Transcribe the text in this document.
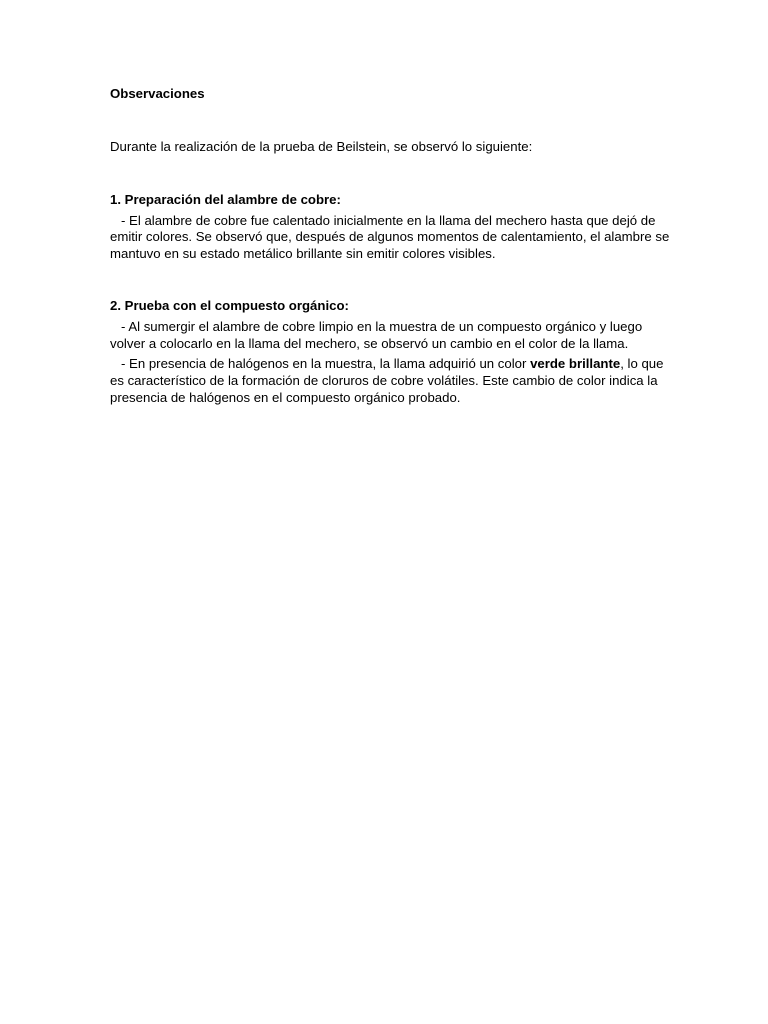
Observaciones

Durante la realización de la prueba de Beilstein, se observó lo siguiente:

1. Preparación del alambre de cobre:

- El alambre de cobre fue calentado inicialmente en la llama del mechero hasta que dejó de emitir colores. Se observó que, después de algunos momentos de calentamiento, el alambre se mantuvo en su estado metálico brillante sin emitir colores visibles.

2. Prueba con el compuesto orgánico:

- Al sumergir el alambre de cobre limpio en la muestra de un compuesto orgánico y luego volver a colocarlo en la llama del mechero, se observó un cambio en el color de la llama.

- En presencia de halógenos en la muestra, la llama adquirió un color verde brillante, lo que es característico de la formación de cloruros de cobre volátiles. Este cambio de color indica la presencia de halógenos en el compuesto orgánico probado.
